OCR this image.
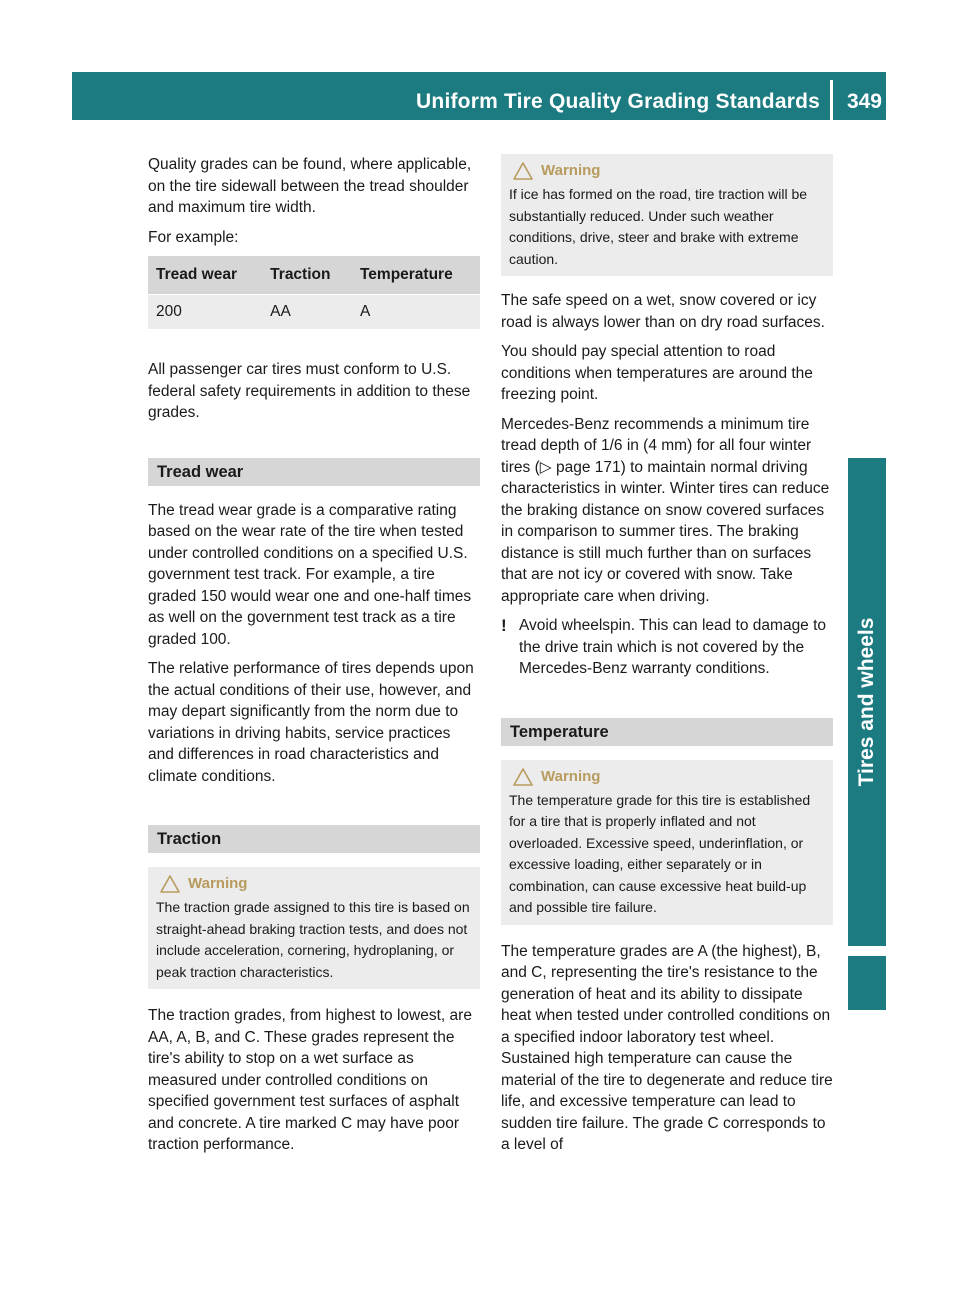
Uniform Tire Quality Grading Standards 349
Tires and wheels

Quality grades can be found, where applicable, on the tire sidewall between the tread shoulder and maximum tire width.

For example:

Tread wear	Traction	Temperature
200	AA	A

All passenger car tires must conform to U.S. federal safety requirements in addition to these grades.

Tread wear

The tread wear grade is a comparative rating based on the wear rate of the tire when tested under controlled conditions on a specified U.S. government test track. For example, a tire graded 150 would wear one and one-half times as well on the government test track as a tire graded 100.

The relative performance of tires depends upon the actual conditions of their use, however, and may depart significantly from the norm due to variations in driving habits, service practices and differences in road characteristics and climate conditions.

Traction
Warning
The traction grade assigned to this tire is based on straight-ahead braking traction tests, and does not include acceleration, cornering, hydroplaning, or peak traction characteristics.

The traction grades, from highest to lowest, are AA, A, B, and C. These grades represent the tire's ability to stop on a wet surface as measured under controlled conditions on specified government test surfaces of asphalt and concrete. A tire marked C may have poor traction performance.

Warning
If ice has formed on the road, tire traction will be substantially reduced. Under such weather conditions, drive, steer and brake with extreme caution.

The safe speed on a wet, snow covered or icy road is always lower than on dry road surfaces.

You should pay special attention to road conditions when temperatures are around the freezing point.

Mercedes-Benz recommends a minimum tire tread depth of 1/6 in (4 mm) for all four winter tires (▷ page 171) to maintain normal driving characteristics in winter. Winter tires can reduce the braking distance on snow covered surfaces in comparison to summer tires. The braking distance is still much further than on surfaces that are not icy or covered with snow. Take appropriate care when driving.

! Avoid wheelspin. This can lead to damage to the drive train which is not covered by the Mercedes-Benz warranty conditions.
Temperature
Warning
The temperature grade for this tire is established for a tire that is properly inflated and not overloaded. Excessive speed, underinflation, or excessive loading, either separately or in combination, can cause excessive heat build-up and possible tire failure.

The temperature grades are A (the highest), B, and C, representing the tire's resistance to the generation of heat and its ability to dissipate heat when tested under controlled conditions on a specified indoor laboratory test wheel. Sustained high temperature can cause the material of the tire to degenerate and reduce tire life, and excessive temperature can lead to sudden tire failure. The grade C corresponds to a level of
